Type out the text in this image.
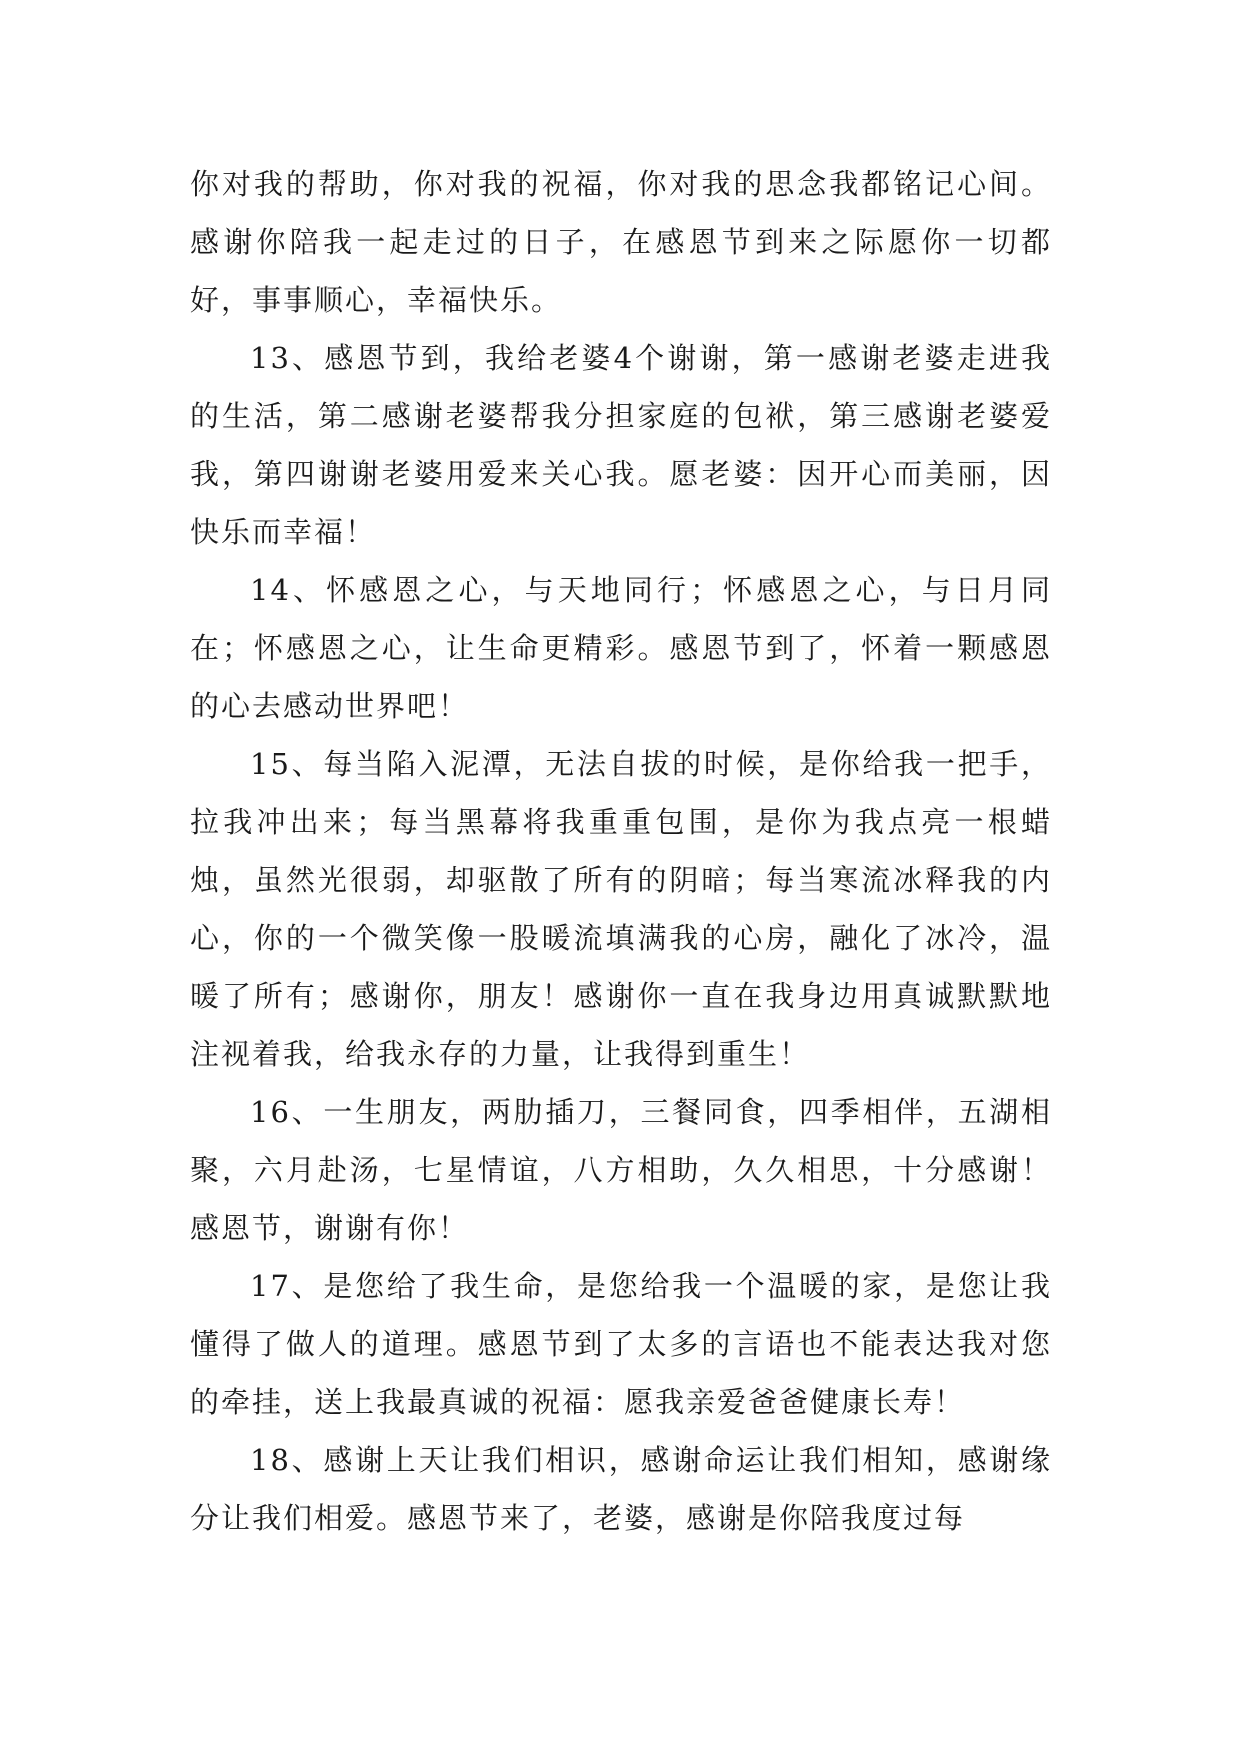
你对我的帮助，你对我的祝福，你对我的思念我都铭记心间。感谢你陪我一起走过的日子，在感恩节到来之际愿你一切都好，事事顺心，幸福快乐。

13、感恩节到，我给老婆4个谢谢，第一感谢老婆走进我的生活，第二感谢老婆帮我分担家庭的包袱，第三感谢老婆爱我，第四谢谢老婆用爱来关心我。愿老婆：因开心而美丽，因快乐而幸福！

14、怀感恩之心，与天地同行；怀感恩之心，与日月同在；怀感恩之心，让生命更精彩。感恩节到了，怀着一颗感恩的心去感动世界吧！

15、每当陷入泥潭，无法自拔的时候，是你给我一把手，拉我冲出来；每当黑幕将我重重包围，是你为我点亮一根蜡烛，虽然光很弱，却驱散了所有的阴暗；每当寒流冰释我的内心，你的一个微笑像一股暖流填满我的心房，融化了冰冷，温暖了所有；感谢你，朋友！感谢你一直在我身边用真诚默默地注视着我，给我永存的力量，让我得到重生！

16、一生朋友，两肋插刀，三餐同食，四季相伴，五湖相聚，六月赴汤，七星情谊，八方相助，久久相思，十分感谢！感恩节，谢谢有你！

17、是您给了我生命，是您给我一个温暖的家，是您让我懂得了做人的道理。感恩节到了太多的言语也不能表达我对您的牵挂，送上我最真诚的祝福：愿我亲爱爸爸健康长寿！

18、感谢上天让我们相识，感谢命运让我们相知，感谢缘分让我们相爱。感恩节来了，老婆，感谢是你陪我度过每
